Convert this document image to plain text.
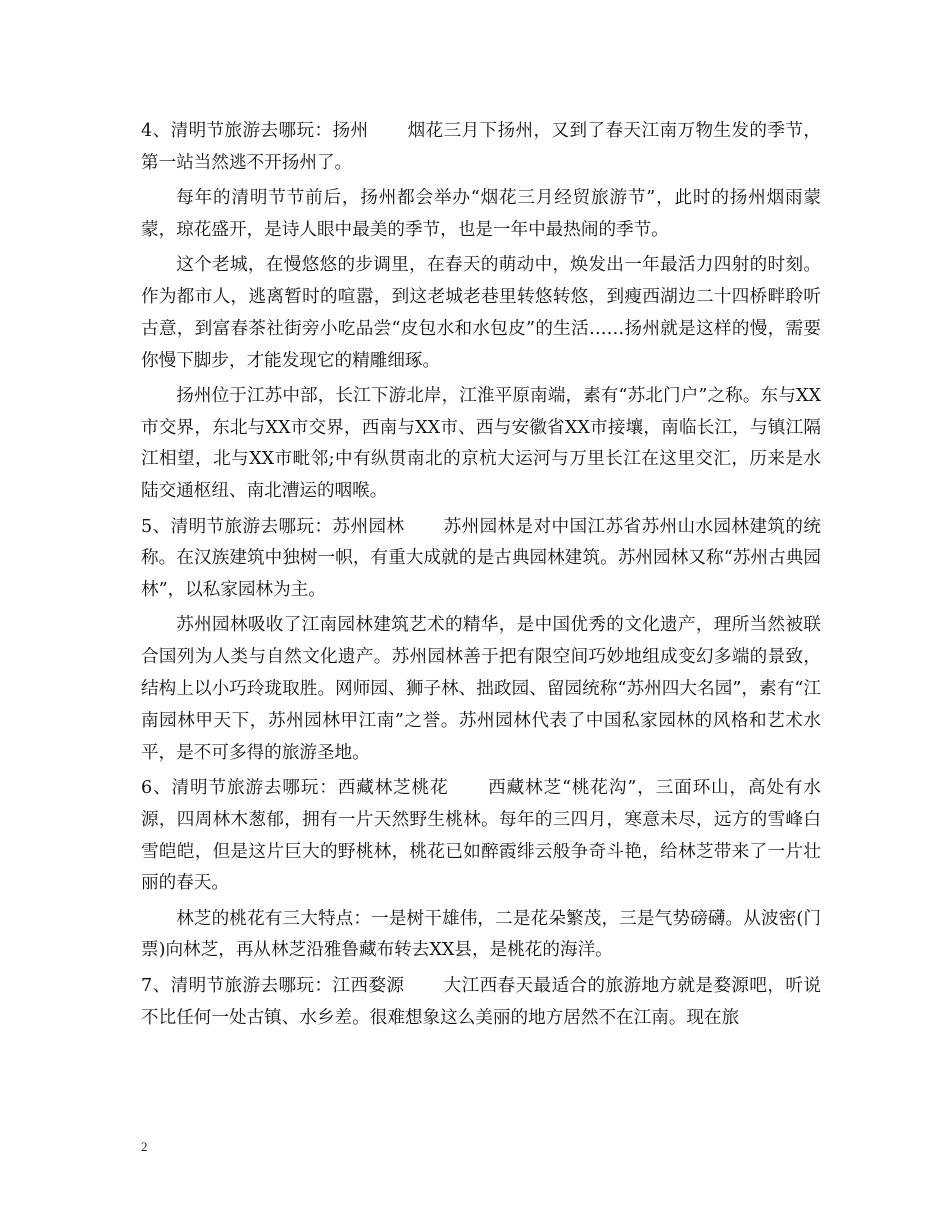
4、清明节旅游去哪玩：扬州 烟花三月下扬州，又到了春天江南万物生发的季节，第一站当然逃不开扬州了。

每年的清明节节前后，扬州都会举办“烟花三月经贸旅游节”，此时的扬州烟雨蒙蒙，琼花盛开，是诗人眼中最美的季节，也是一年中最热闹的季节。

这个老城，在慢悠悠的步调里，在春天的萌动中，焕发出一年最活力四射的时刻。作为都市人，逃离暂时的喧嚣，到这老城老巷里转悠转悠，到瘦西湖边二十四桥畔聆听古意，到富春茶社街旁小吃品尝“皮包水和水包皮”的生活……扬州就是这样的慢，需要你慢下脚步，才能发现它的精雕细琢。

扬州位于江苏中部，长江下游北岸，江淮平原南端，素有“苏北门户”之称。东与XX市交界，东北与XX市交界，西南与XX市、西与安徽省XX市接壤，南临长江，与镇江隔江相望，北与XX市毗邻;中有纵贯南北的京杭大运河与万里长江在这里交汇，历来是水陆交通枢纽、南北漕运的咽喉。

5、清明节旅游去哪玩：苏州园林 苏州园林是对中国江苏省苏州山水园林建筑的统称。在汉族建筑中独树一帜，有重大成就的是古典园林建筑。苏州园林又称“苏州古典园林”，以私家园林为主。

苏州园林吸收了江南园林建筑艺术的精华，是中国优秀的文化遗产，理所当然被联合国列为人类与自然文化遗产。苏州园林善于把有限空间巧妙地组成变幻多端的景致，结构上以小巧玲珑取胜。网师园、狮子林、拙政园、留园统称“苏州四大名园”，素有“江南园林甲天下，苏州园林甲江南”之誉。苏州园林代表了中国私家园林的风格和艺术水平，是不可多得的旅游圣地。

6、清明节旅游去哪玩：西藏林芝桃花 西藏林芝“桃花沟”，三面环山，高处有水源，四周林木葱郁，拥有一片天然野生桃林。每年的三四月，寒意未尽，远方的雪峰白雪皑皑，但是这片巨大的野桃林，桃花已如醉霞绯云般争奇斗艳，给林芝带来了一片壮丽的春天。

林芝的桃花有三大特点：一是树干雄伟，二是花朵繁茂，三是气势磅礴。从波密(门票)向林芝，再从林芝沿雅鲁藏布转去XX县，是桃花的海洋。

7、清明节旅游去哪玩：江西婺源 大江西春天最适合的旅游地方就是婺源吧，听说不比任何一处古镇、水乡差。很难想象这么美丽的地方居然不在江南。现在旅

2
